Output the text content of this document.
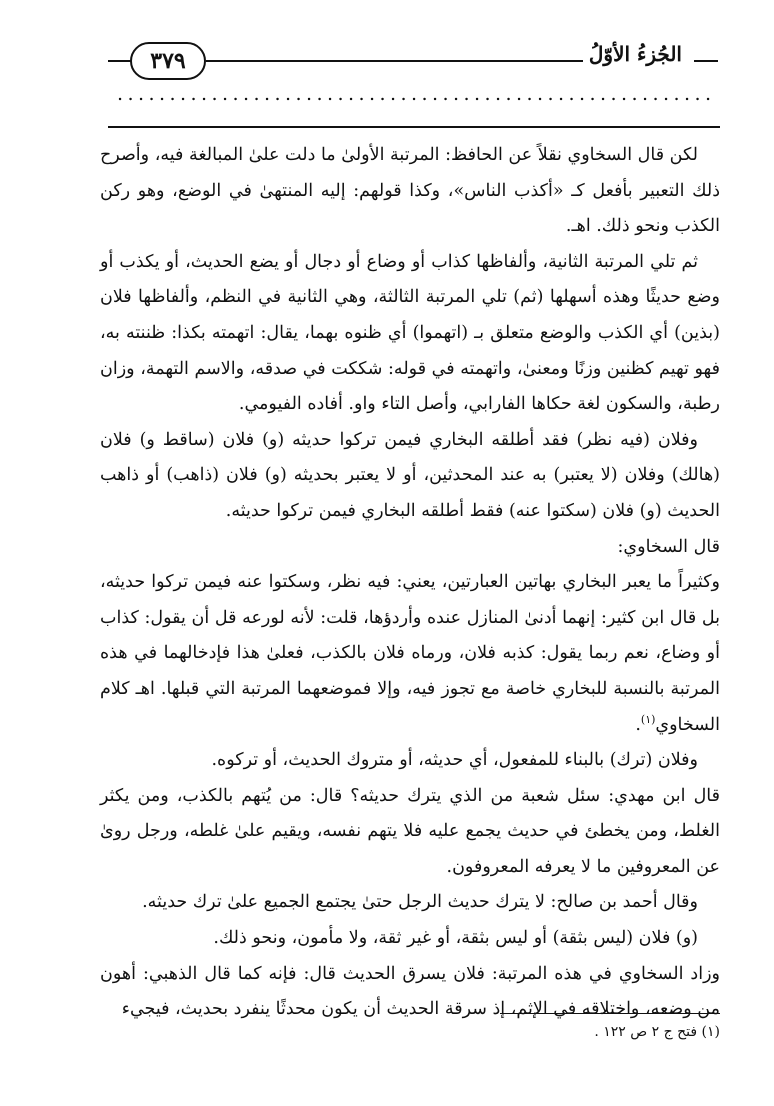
٣٧٩	الجُزءُ الأوّلُ

لكن قال السخاوي نقلاً عن الحافظ: المرتبة الأولىٰ ما دلت علىٰ المبالغة فيه، وأصرح ذلك التعبير بأفعل كـ «أكذب الناس»، وكذا قولهم: إليه المنتهىٰ في الوضع، وهو ركن الكذب ونحو ذلك. اهـ.

ثم تلي المرتبة الثانية، وألفاظها كذاب أو وضاع أو دجال أو يضع الحديث، أو يكذب أو وضع حديثًا وهذه أسهلها (ثم) تلي المرتبة الثالثة، وهي الثانية في النظم، وألفاظها فلان (بذين) أي الكذب والوضع متعلق بـ (اتهموا) أي ظنوه بهما، يقال: اتهمته بكذا: ظننته به، فهو تهيم كظنين وزنًا ومعنىٰ، واتهمته في قوله: شككت في صدقه، والاسم التهمة، وزان رطبة، والسكون لغة حكاها الفارابي، وأصل التاء واو. أفاده الفيومي.

وفلان (فيه نظر) فقد أطلقه البخاري فيمن تركوا حديثه (و) فلان (ساقط و) فلان (هالك) وفلان (لا يعتبر) به عند المحدثين، أو لا يعتبر بحديثه (و) فلان (ذاهب) أو ذاهب الحديث (و) فلان (سكتوا عنه) فقط أطلقه البخاري فيمن تركوا حديثه.

قال السخاوي:

وكثيراً ما يعبر البخاري بهاتين العبارتين، يعني: فيه نظر، وسكتوا عنه فيمن تركوا حديثه، بل قال ابن كثير: إنهما أدنىٰ المنازل عنده وأردؤها، قلت: لأنه لورعه قل أن يقول: كذاب أو وضاع، نعم ربما يقول: كذبه فلان، ورماه فلان بالكذب، فعلىٰ هذا فإدخالهما في هذه المرتبة بالنسبة للبخاري خاصة مع تجوز فيه، وإلا فموضعهما المرتبة التي قبلها. اهـ كلام السخاوي$^{(١)}$.

وفلان (ترك) بالبناء للمفعول، أي حديثه، أو متروك الحديث، أو تركوه.

قال ابن مهدي: سئل شعبة من الذي يترك حديثه؟ قال: من يُتهم بالكذب، ومن يكثر الغلط، ومن يخطئ في حديث يجمع عليه فلا يتهم نفسه، ويقيم علىٰ غلطه، ورجل روىٰ عن المعروفين ما لا يعرفه المعروفون.

وقال أحمد بن صالح: لا يترك حديث الرجل حتىٰ يجتمع الجميع علىٰ ترك حديثه.

(و) فلان (ليس بثقة) أو ليس بثقة، أو غير ثقة، ولا مأمون، ونحو ذلك.

وزاد السخاوي في هذه المرتبة: فلان يسرق الحديث قال: فإنه كما قال الذهبي: أهون من وضعه، واختلاقه في الإثم، إذ سرقة الحديث أن يكون محدثًا ينفرد بحديث، فيجيء

(١) فتح ج ٢ ص ١٢٢ .
